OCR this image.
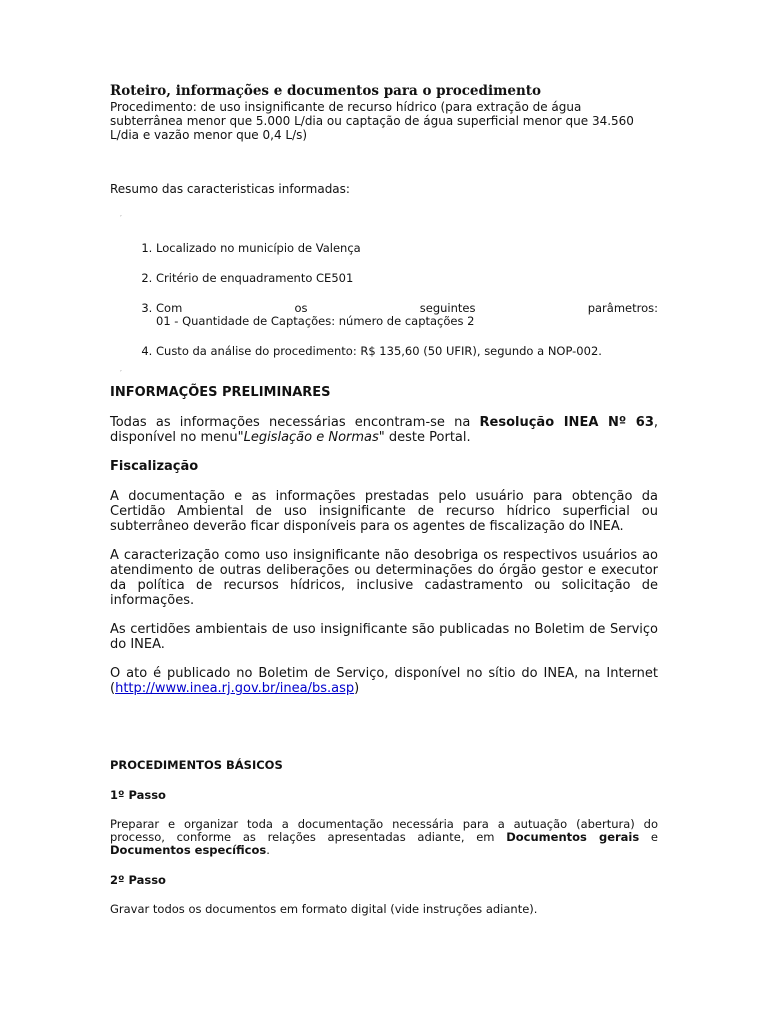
Roteiro, informações e documentos para o procedimento

Procedimento: de uso insignificante de recurso hídrico (para extração de água subterrânea menor que 5.000 L/dia ou captação de água superficial menor que 34.560 L/dia e vazão menor que 0,4 L/s)

Resumo das caracteristicas informadas:

,
1. Localizado no município de Valença
2. Critério de enquadramento CE501
3. Com os seguintes parâmetros:
01 - Quantidade de Captações: número de captações 2
4. Custo da análise do procedimento: R$ 135,60 (50 UFIR), segundo a NOP-002.
,
INFORMAÇÕES PRELIMINARES

Todas as informações necessárias encontram-se na Resolução INEA Nº 63, disponível no menu"Legislação e Normas" deste Portal.

Fiscalização

A documentação e as informações prestadas pelo usuário para obtenção da Certidão Ambiental de uso insignificante de recurso hídrico superficial ou subterrâneo deverão ficar disponíveis para os agentes de fiscalização do INEA.

A caracterização como uso insignificante não desobriga os respectivos usuários ao atendimento de outras deliberações ou determinações do órgão gestor e executor da política de recursos hídricos, inclusive cadastramento ou solicitação de informações.

As certidões ambientais de uso insignificante são publicadas no Boletim de Serviço do INEA.

O ato é publicado no Boletim de Serviço, disponível no sítio do INEA, na Internet (http://www.inea.rj.gov.br/inea/bs.asp)

PROCEDIMENTOS BÁSICOS
1º Passo

Preparar e organizar toda a documentação necessária para a autuação (abertura) do processo, conforme as relações apresentadas adiante, em Documentos gerais e Documentos específicos.

2º Passo

Gravar todos os documentos em formato digital (vide instruções adiante).
